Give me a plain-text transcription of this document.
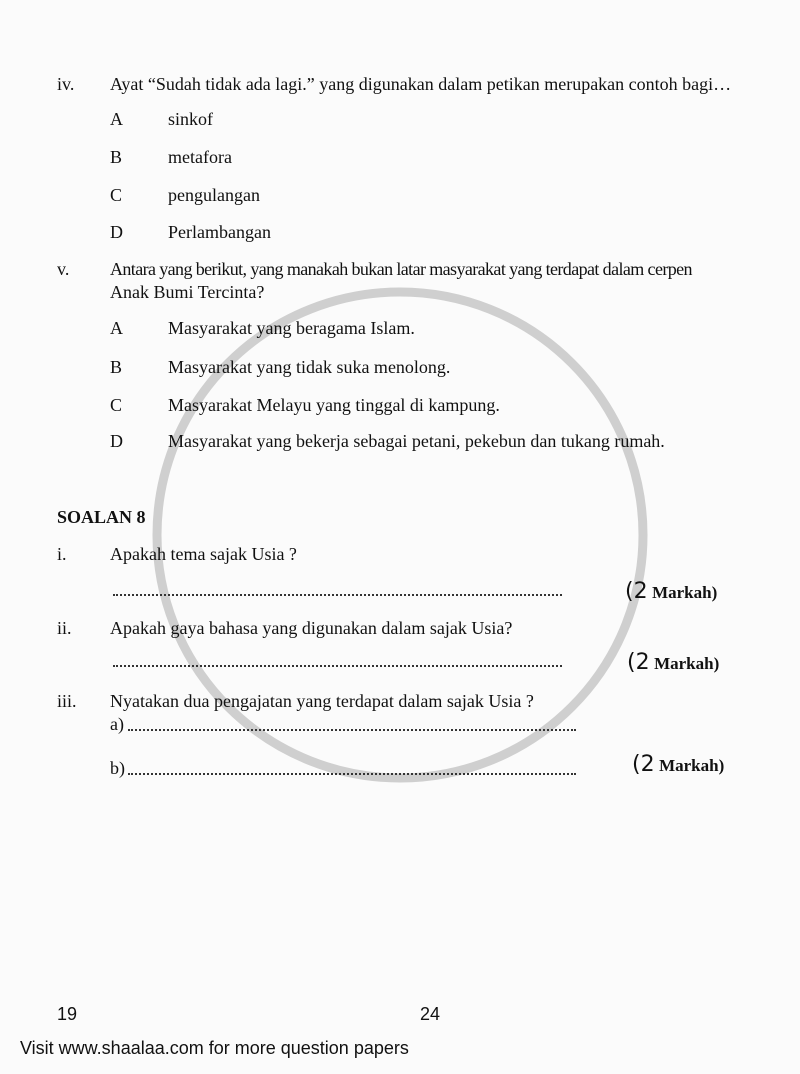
iv. Ayat “Sudah tidak ada lagi.” yang digunakan dalam petikan merupakan contoh bagi…
A	sinkof
B	metafora
C	pengulangan
D	Perlambangan
v. Antara yang berikut, yang manakah bukan latar masyarakat yang terdapat dalam cerpen
Anak Bumi Tercinta?
A	Masyarakat yang beragama Islam.
B	Masyarakat yang tidak suka menolong.
C	Masyarakat Melayu yang tinggal di kampung.
D	Masyarakat yang bekerja sebagai petani, pekebun dan tukang rumah.
SOALAN 8
i. Apakah tema sajak Usia ?
(2 Markah)
ii. Apakah gaya bahasa yang digunakan dalam sajak Usia?
(2 Markah)
iii. Nyatakan dua pengajatan yang terdapat dalam sajak Usia ?
a)
b)	(2 Markah)
19	24
Visit www.shaalaa.com for more question papers
